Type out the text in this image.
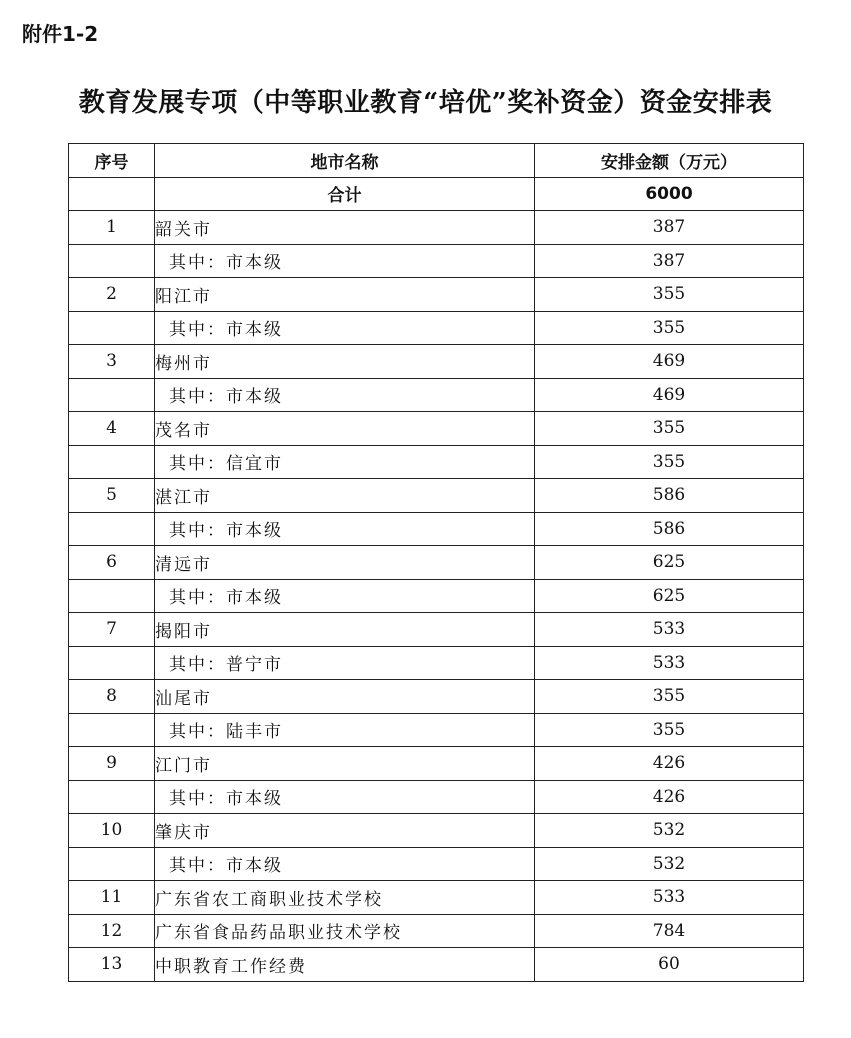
附件1-2
教育发展专项（中等职业教育“培优”奖补资金）资金安排表
序号	地市名称	安排金额（万元）
	合计	6000
1	韶关市	387
	其中：市本级	387
2	阳江市	355
	其中：市本级	355
3	梅州市	469
	其中：市本级	469
4	茂名市	355
	其中：信宜市	355
5	湛江市	586
	其中：市本级	586
6	清远市	625
	其中：市本级	625
7	揭阳市	533
	其中：普宁市	533
8	汕尾市	355
	其中：陆丰市	355
9	江门市	426
	其中：市本级	426
10	肇庆市	532
	其中：市本级	532
11	广东省农工商职业技术学校	533
12	广东省食品药品职业技术学校	784
13	中职教育工作经费	60
